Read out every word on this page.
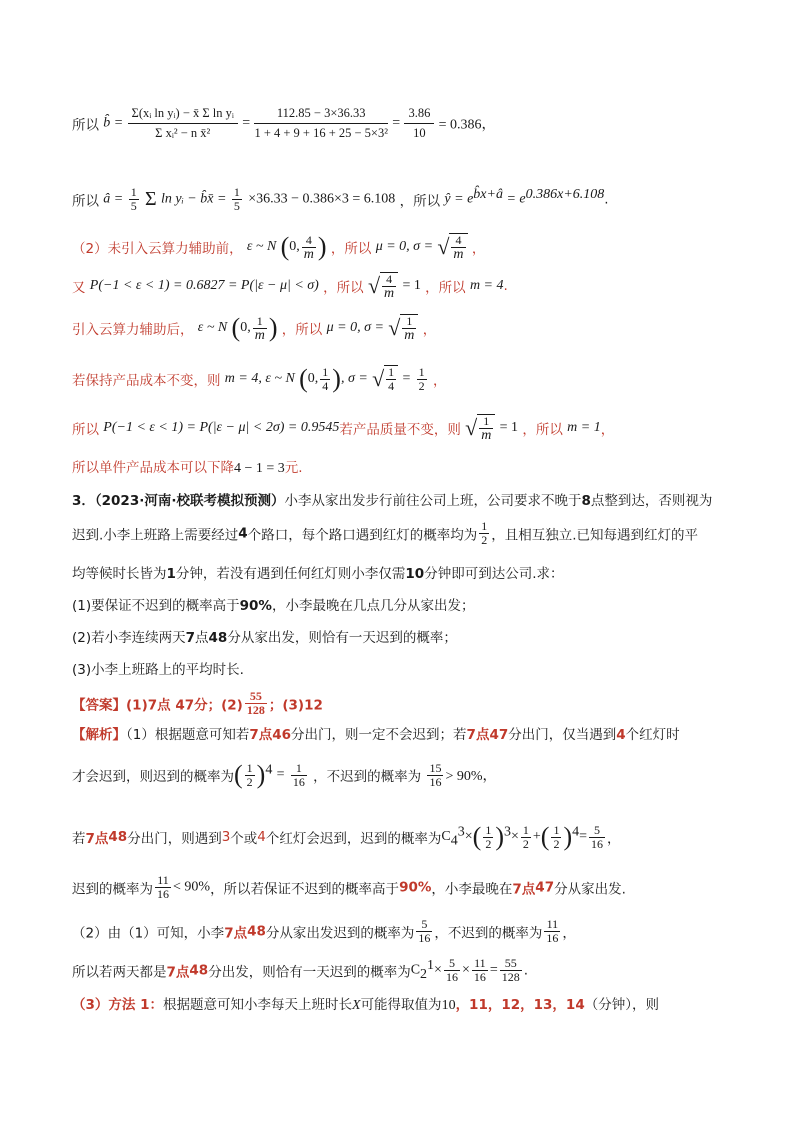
所以 b̂ = $\frac{\text{Σ(xᵢ ln yᵢ) − x̄ Σ ln yᵢ}}{\text{Σ xᵢ² − n x̄²}} = \frac{112.85 - 3\times 36.33}{\text{1 + 4 + 9 + 16 + 25 − 5×3²}} = \frac{3.86}{10} = 0.386$，
所以 â = $\frac{1}{5}$ Σ ln yᵢ − b̂x̄ = $\frac{1}{5} \times 36.33 - 0.386\times 3 = 6.108$ ，所以 ŷ = $e^{b̂x+â} = e^{0.386x+6.108}$.
（2）未引入云算力辅助前， ε ~ N (0, $\frac{4}{m}$ ) ，所以 μ = 0, σ = √ $\frac{4}{m}$ ，
又 P(−1 < ε < 1) = 0.6827 = P(|ε − μ| < σ) ，所以 √ $\frac{4}{m} = 1$ ，所以 m = 4.
引入云算力辅助后， ε ~ N (0, $\frac{1}{m}$ ) ，所以 μ = 0, σ = √ $\frac{1}{m}$ ，
若保持产品成本不变，则 m = 4, ε ~ N (0, $\frac{1}{4}$ ), σ = √ $\frac{1}{4} = \frac{1}{2}$ ，
所以 P(−1 < ε < 1) = P(|ε − μ| < 2σ) = 0.9545若产品质量不变，则 √ $\frac{1}{m} = 1$ ，所以 m = 1，
所以单件产品成本可以下降4 − 1 = 3元.
3．（2023·河南·校联考模拟预测）小李从家出发步行前往公司上班，公司要求不晚于8点整到达，否则视为
迟到.小李上班路上需要经过4个路口，每个路口遇到红灯的概率均为 $\frac{1}{2}$ ，且相互独立.已知每遇到红灯的平
均等候时长皆为1分钟，若没有遇到任何红灯则小李仅需10分钟即可到达公司.求：
(1)要保证不迟到的概率高于90%，小李最晚在几点几分从家出发；
(2)若小李连续两天7点48分从家出发，则恰有一天迟到的概率；
(3)小李上班路上的平均时长.
【答案】(1)7点 47分；$(2) \frac{55}{128}$ ；(3)12
【解析】（1）根据题意可知若7点46分出门，则一定不会迟到；若7点47分出门，仅当遇到4个红灯时
才会迟到，则迟到的概率为( $\frac{1}{2} )^4 = \frac{1}{16}$ ，不迟到的概率为 $\frac{15}{16} > 90\%$，
若7点48分出门，则遇到3个或4个红灯会迟到，迟到的概率为$C_4^3\times( \frac{1}{2} )^3\times \frac{1}{2}$ +( $\frac{1}{2} )^4= \frac{5}{16}$ ，
迟到的概率为 $\frac{11}{16} < 90\%$，所以若保证不迟到的概率高于90%，小李最晚在7点47分从家出发.
（2）由（1）可知，小李7点48分从家出发迟到的概率为 $\frac{5}{16}$ ，不迟到的概率为 $\frac{11}{16}$ ，
所以若两天都是7点48分出发，则恰有一天迟到的概率为$C_2^1\times \frac{5}{16} \times \frac{11}{16} = \frac{55}{128}$ .
（3）方法 1：根据题意可知小李每天上班时长X可能得取值为10，11，12，13，14（分钟），则
